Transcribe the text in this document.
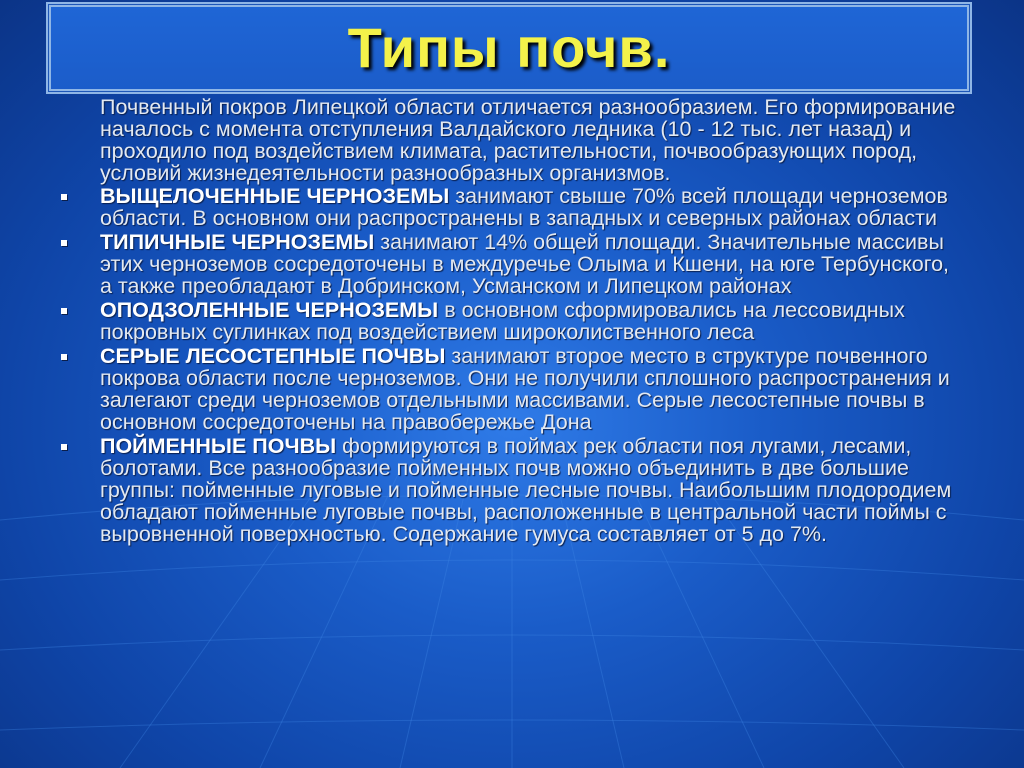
Типы почв.
Почвенный покров Липецкой области отличается разнообразием. Его формирование началось с момента отступления Валдайского ледника (10 - 12 тыс. лет назад) и проходило под воздействием климата, растительности, почвообразующих пород, условий жизнедеятельности разнообразных организмов.
ВЫЩЕЛОЧЕННЫЕ ЧЕРНОЗЕМЫ занимают свыше 70% всей площади черноземов области. В основном они распространены в западных и северных районах области
ТИПИЧНЫЕ ЧЕРНОЗЕМЫ занимают 14% общей площади. Значительные массивы этих черноземов сосредоточены в междуречье Олыма и Кшени, на юге Тербунского, а также преобладают в Добринском, Усманском и Липецком районах
ОПОДЗОЛЕННЫЕ ЧЕРНОЗЕМЫ в основном сформировались на лессовидных покровных суглинках под воздействием широколиственного леса
СЕРЫЕ ЛЕСОСТЕПНЫЕ ПОЧВЫ занимают второе место в структуре почвенного покрова области после черноземов. Они не получили сплошного распространения и залегают среди черноземов отдельными массивами. Серые лесостепные почвы в основном сосредоточены на правобережье Дона
ПОЙМЕННЫЕ ПОЧВЫ формируются в поймах рек области поя лугами, лесами, болотами. Все разнообразие пойменных почв можно объединить в две большие группы: пойменные луговые и пойменные лесные почвы. Наибольшим плодородием обладают пойменные луговые почвы, расположенные в центральной части поймы с выровненной поверхностью. Содержание гумуса составляет от 5 до 7%.
